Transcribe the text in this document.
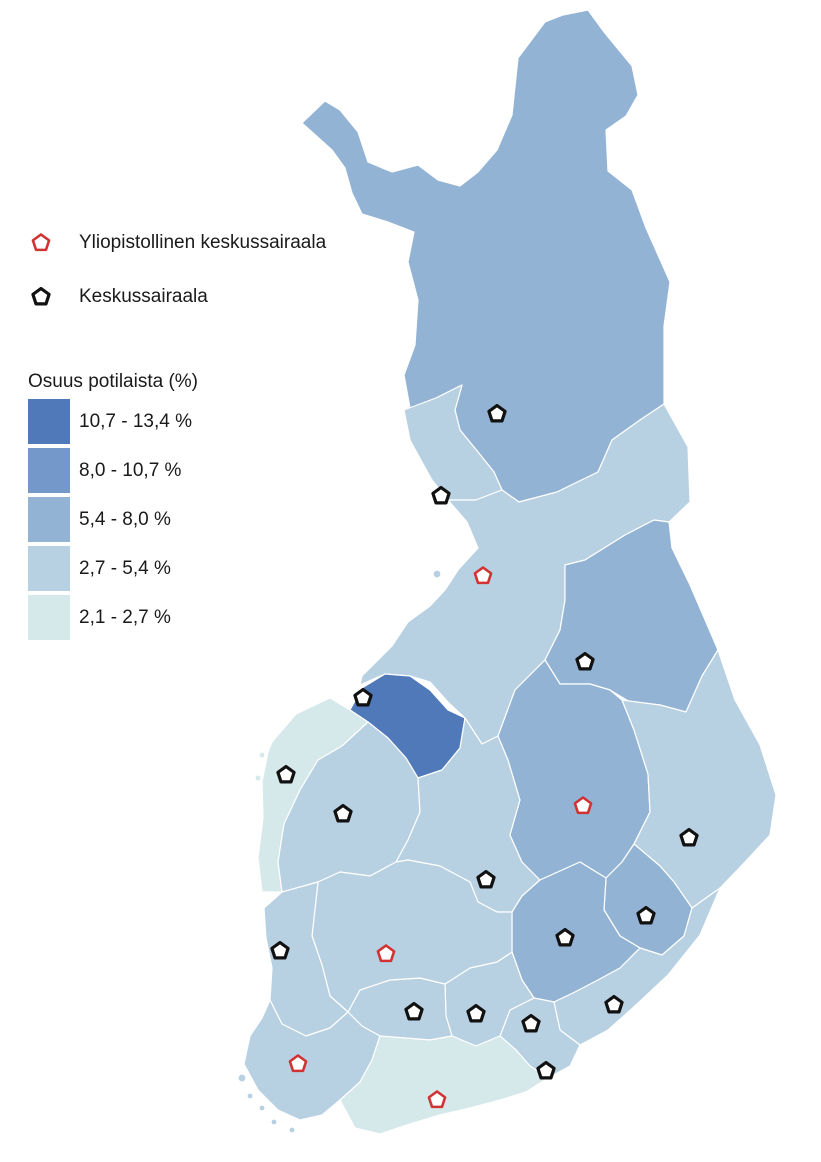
Yliopistollinen keskussairaala
Keskussairaala
Osuus potilaista (%)
10,7 - 13,4 %
8,0 - 10,7 %
5,4 - 8,0 %
2,7 - 5,4 %
2,1 - 2,7 %
